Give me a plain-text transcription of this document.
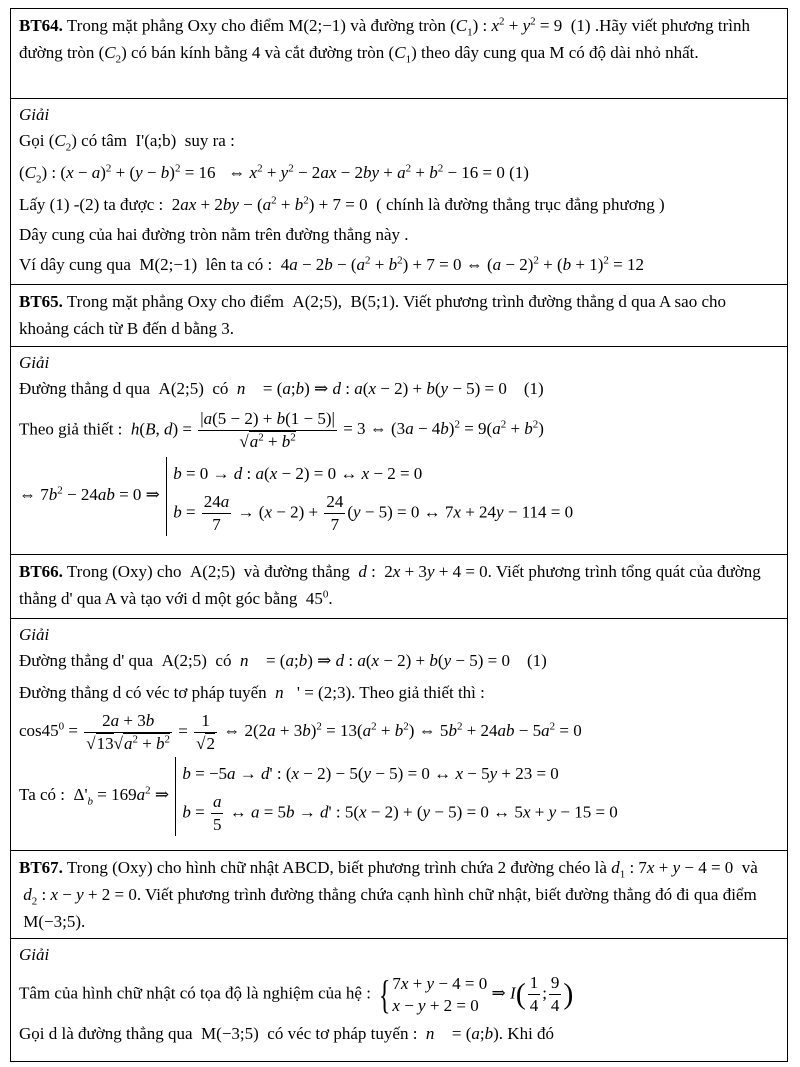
BT64. Trong mặt phẳng Oxy cho điểm M(2;−1) và đường tròn $(C_1)$ : $x^2 + y^2 = 9$  (1) .Hãy viết phương trình đường tròn $(C_2)$ có bán kính bằng 4 và cắt đường tròn $(C_1)$ theo dây cung qua M có độ dài nhỏ nhất.
Giải
Gọi $(C_2)$ có tâm  I'(a;b)  suy ra :
$(C_2)$ : $(x - a)^2 + (y - b)^2 = 16$   ⇔ $x^2 + y^2 - 2ax - 2by + a^2 + b^2 - 16 = 0$ (1)
Lấy (1) -(2) ta được :  $2ax + 2by - (a^2 + b^2) + 7 = 0$  ( chính là đường thẳng trục đẳng phương )
Dây cung của hai đường tròn nằm trên đường thẳng này .
Ví dây cung qua  M(2;−1)  lên ta có :  $4a - 2b - (a^2 + b^2) + 7 = 0$ ⇔ $(a - 2)^2 + (b + 1)^2 = 12$
BT65. Trong mặt phẳng Oxy cho điểm  A(2;5),  B(5;1). Viết phương trình đường thẳng d qua A sao cho khoảng cách từ B đến d bằng 3.
Giải
Đường thẳng d qua  A(2;5)  có  n⃗ = (a;b) ⇒ d : a(x − 2) + b(y − 5) = 0    (1)
Theo giả thiết :  h(B, $d) = \frac{|a(5 - 2) + b(1 - 5)|}{√a^2 + b^2} = 3$ ⇔ $(3a - 4b)^2 = 9(a^2 + b^2)$
⇔ $7b^2 - 24ab = 0$ ⇒
b = 0 → d : a(x − 2) = 0 ↔ x − 2 = 0
$b = \frac{24a}{7} \to (x - 2) + \frac{24}{7} (y - 5) = 0$ ↔ 7x + 24y − 114 = 0
BT66. Trong (Oxy) cho  A(2;5)  và đường thẳng  d :  2x + 3y + 4 = 0. Viết phương trình tổng quát của đường thẳng d' qua A và tạo với d một góc bằng  $45^0$.
Giải
Đường thẳng d' qua  A(2;5)  có  n⃗ = (a;b) ⇒ d : a(x − 2) + b(y − 5) = 0    (1)
Đường thẳng d có véc tơ pháp tuyến  n⃗' = (2;3). Theo giả thiết thì :
$\cos 45^0 = \frac{2a + 3b}{√13√a^2 + b^2} = \frac{1}{√2}$ ⇔ $2(2a + 3b)^2 = 13(a^2 + b^2)$ ⇔ $5b^2 + 24ab - 5a^2 = 0$
Ta có :  $\Delta'_b = 169a^2$ ⇒
b = −5a → d' : (x − 2) − 5(y − 5) = 0 ↔ x − 5y + 23 = 0
$b = \frac{a}{5}$ ↔ a = 5b → d' : 5(x − 2) + (y − 5) = 0 ↔ 5x + y − 15 = 0
BT67. Trong (Oxy) cho hình chữ nhật ABCD, biết phương trình chứa 2 đường chéo là $d_1$ : 7x + y − 4 = 0  và  $d_2$ : x − y + 2 = 0. Viết phương trình đường thẳng chứa cạnh hình chữ nhật, biết đường thẳng đó đi qua điểm  M(−3;5).
Giải
Tâm của hình chữ nhật có tọa độ là nghiệm của hệ : { 7x + y − 4 = 0
x − y + 2 = 0
⇒ $I( \frac{1}{4}$ ; $\frac{9}{4}$ )
Gọi d là đường thẳng qua  M(−3;5)  có véc tơ pháp tuyến :  n⃗ = (a;b). Khi đó
